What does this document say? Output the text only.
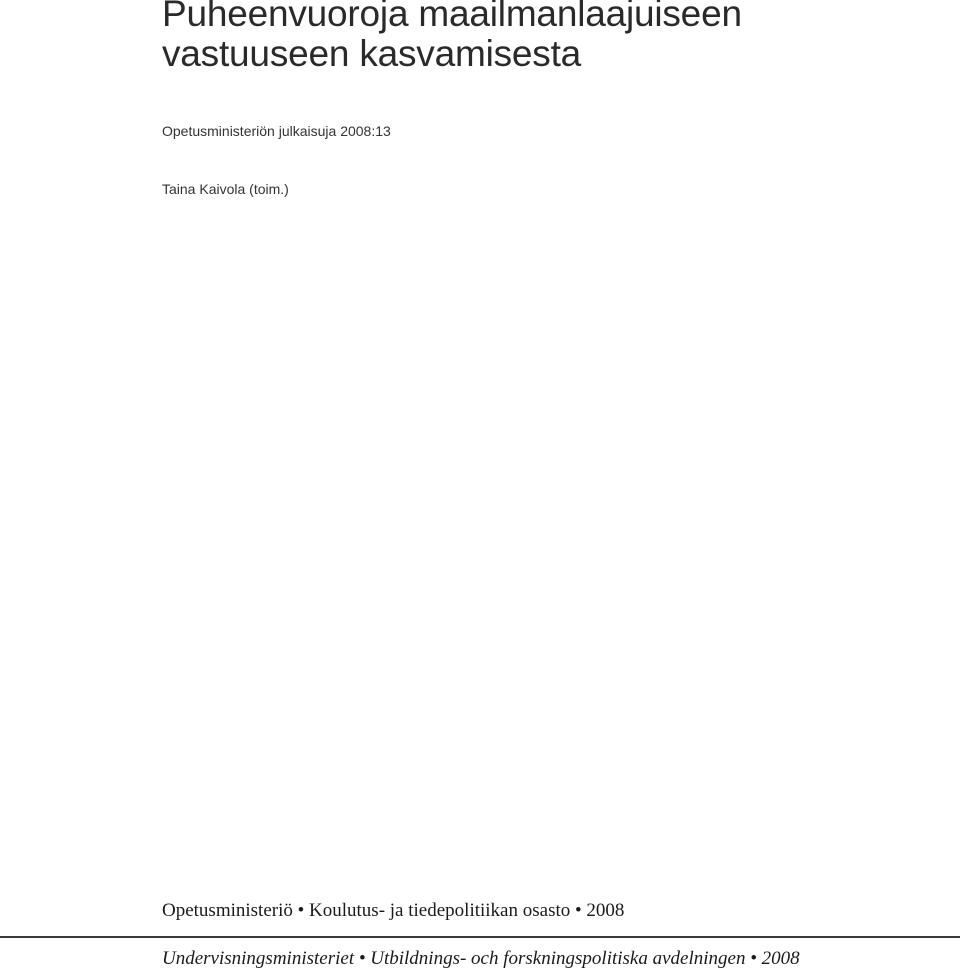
Puheenvuoroja maailmanlaajuiseen
vastuuseen kasvamisesta
Opetusministeriön julkaisuja 2008:13
Taina Kaivola (toim.)
Opetusministeriö • Koulutus- ja tiedepolitiikan osasto • 2008
Undervisningsministeriet • Utbildnings- och forskningspolitiska avdelningen • 2008
